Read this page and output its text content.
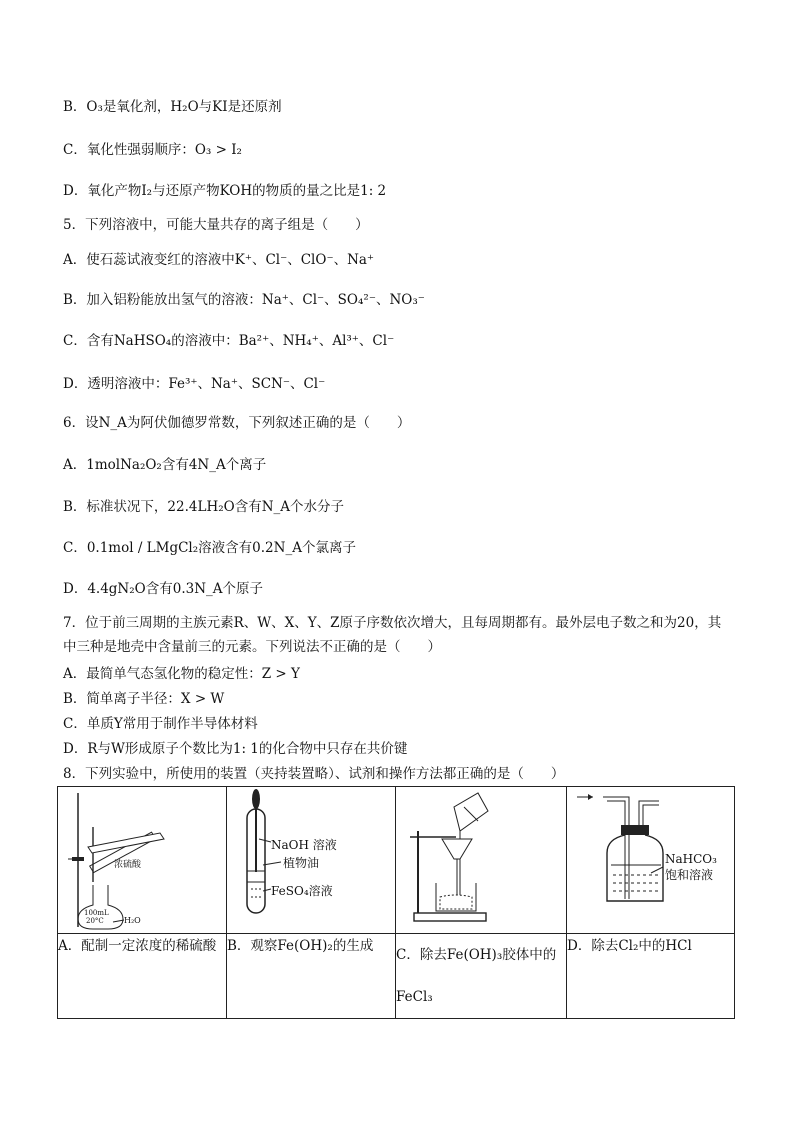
B．O₃是氧化剂，H₂O与KI是还原剂
C．氧化性强弱顺序：O₃ > I₂
D．氧化产物I₂与还原产物KOH的物质的量之比是1: 2
5．下列溶液中，可能大量共存的离子组是（　　）
A．使石蕊试液变红的溶液中K⁺、Cl⁻、ClO⁻、Na⁺
B．加入铝粉能放出氢气的溶液：Na⁺、Cl⁻、SO₄²⁻、NO₃⁻
C．含有NaHSO₄的溶液中：Ba²⁺、NH₄⁺、Al³⁺、Cl⁻
D．透明溶液中：Fe³⁺、Na⁺、SCN⁻、Cl⁻
6．设N_A为阿伏伽德罗常数，下列叙述正确的是（　　）
A．1molNa₂O₂含有4N_A个离子
B．标准状况下，22.4LH₂O含有N_A个水分子
C．0.1mol / LMgCl₂溶液含有0.2N_A个氯离子
D．4.4gN₂O含有0.3N_A个原子
7．位于前三周期的主族元素R、W、X、Y、Z原子序数依次增大，且每周期都有。最外层电子数之和为20，其中三种是地壳中含量前三的元素。下列说法不正确的是（　　）
A．最简单气态氢化物的稳定性：Z > Y
B．简单离子半径：X > W
C．单质Y常用于制作半导体材料
D．R与W形成原子个数比为1: 1的化合物中只存在共价键
8．下列实验中，所使用的装置（夹持装置略）、试剂和操作方法都正确的是（　　）
浓硫酸
100mL
20°C H₂O	NaOH 溶液
植物油
FeSO₄溶液		NaHCO₃
饱和溶液

A．配制一定浓度的稀硫酸	B．观察Fe(OH)₂的生成	C．除去Fe(OH)₃胶体中的FeCl₃	D．除去Cl₂中的HCl
